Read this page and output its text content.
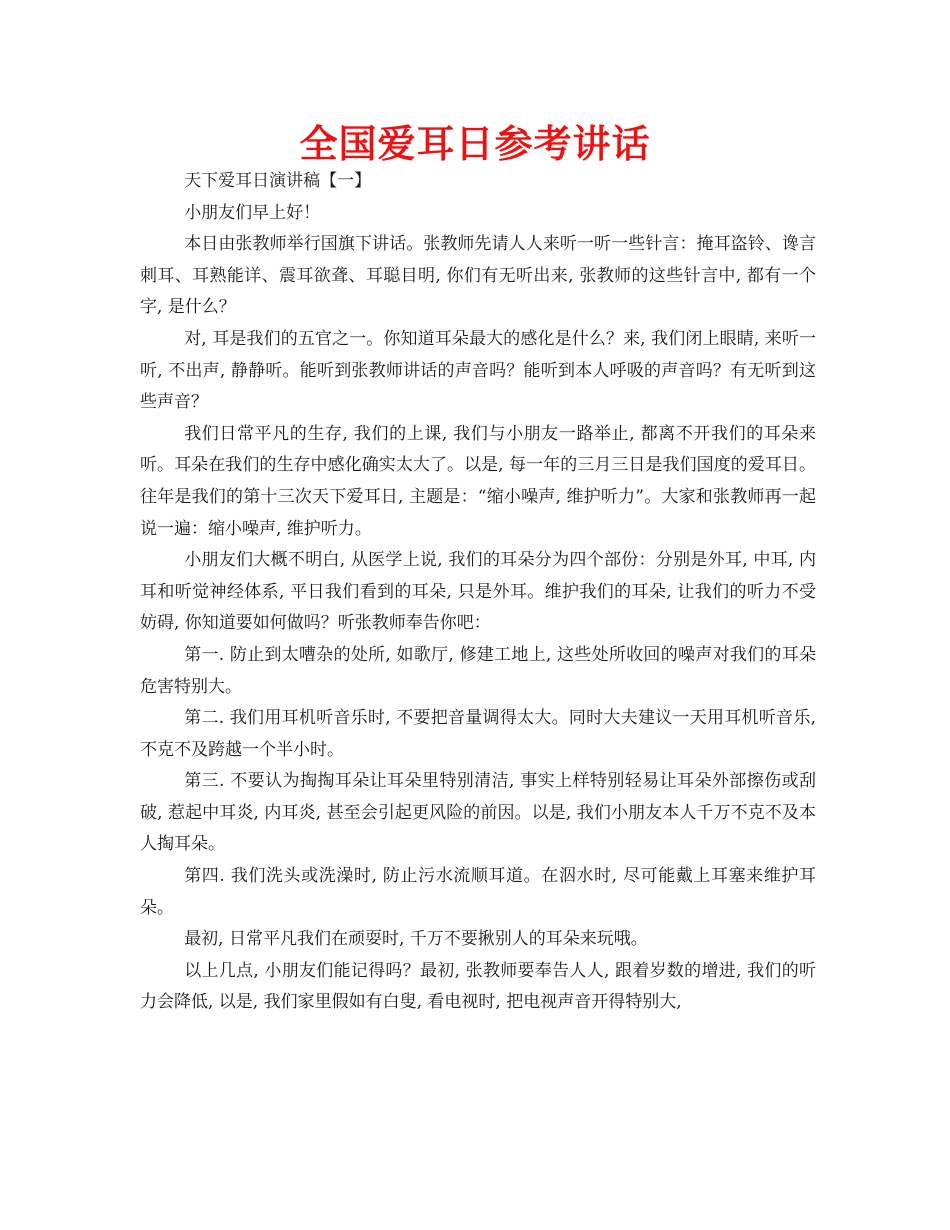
全国爱耳日参考讲话

天下爱耳日演讲稿【一】

小朋友们早上好！

本日由张教师举行国旗下讲话。张教师先请人人来听一听一些针言：掩耳盗铃、谗言刺耳、耳熟能详、震耳欲聋、耳聪目明, 你们有无听出来, 张教师的这些针言中, 都有一个字, 是什么？

对, 耳是我们的五官之一。你知道耳朵最大的感化是什么？来, 我们闭上眼睛, 来听一听, 不出声, 静静听。能听到张教师讲话的声音吗？能听到本人呼吸的声音吗？有无听到这些声音？

我们日常平凡的生存, 我们的上课, 我们与小朋友一路举止, 都离不开我们的耳朵来听。耳朵在我们的生存中感化确实太大了。以是, 每一年的三月三日是我们国度的爱耳日。往年是我们的第十三次天下爱耳日, 主题是：“缩小噪声, 维护听力”。大家和张教师再一起说一遍：缩小噪声, 维护听力。

小朋友们大概不明白, 从医学上说, 我们的耳朵分为四个部份：分别是外耳, 中耳, 内耳和听觉神经体系, 平日我们看到的耳朵, 只是外耳。维护我们的耳朵, 让我们的听力不受妨碍, 你知道要如何做吗？听张教师奉告你吧：

第一. 防止到太嘈杂的处所, 如歌厅, 修建工地上, 这些处所收回的噪声对我们的耳朵危害特别大。

第二. 我们用耳机听音乐时, 不要把音量调得太大。同时大夫建议一天用耳机听音乐, 不克不及跨越一个半小时。

第三. 不要认为掏掏耳朵让耳朵里特别清洁, 事实上样特别轻易让耳朵外部擦伤或刮破, 惹起中耳炎, 内耳炎, 甚至会引起更风险的前因。以是, 我们小朋友本人千万不克不及本人掏耳朵。

第四. 我们洗头或洗澡时, 防止污水流顺耳道。在泅水时, 尽可能戴上耳塞来维护耳朵。

最初, 日常平凡我们在顽耍时, 千万不要揪别人的耳朵来玩哦。

以上几点, 小朋友们能记得吗？最初, 张教师要奉告人人, 跟着岁数的增进, 我们的听力会降低, 以是, 我们家里假如有白叟, 看电视时, 把电视声音开得特别大,
